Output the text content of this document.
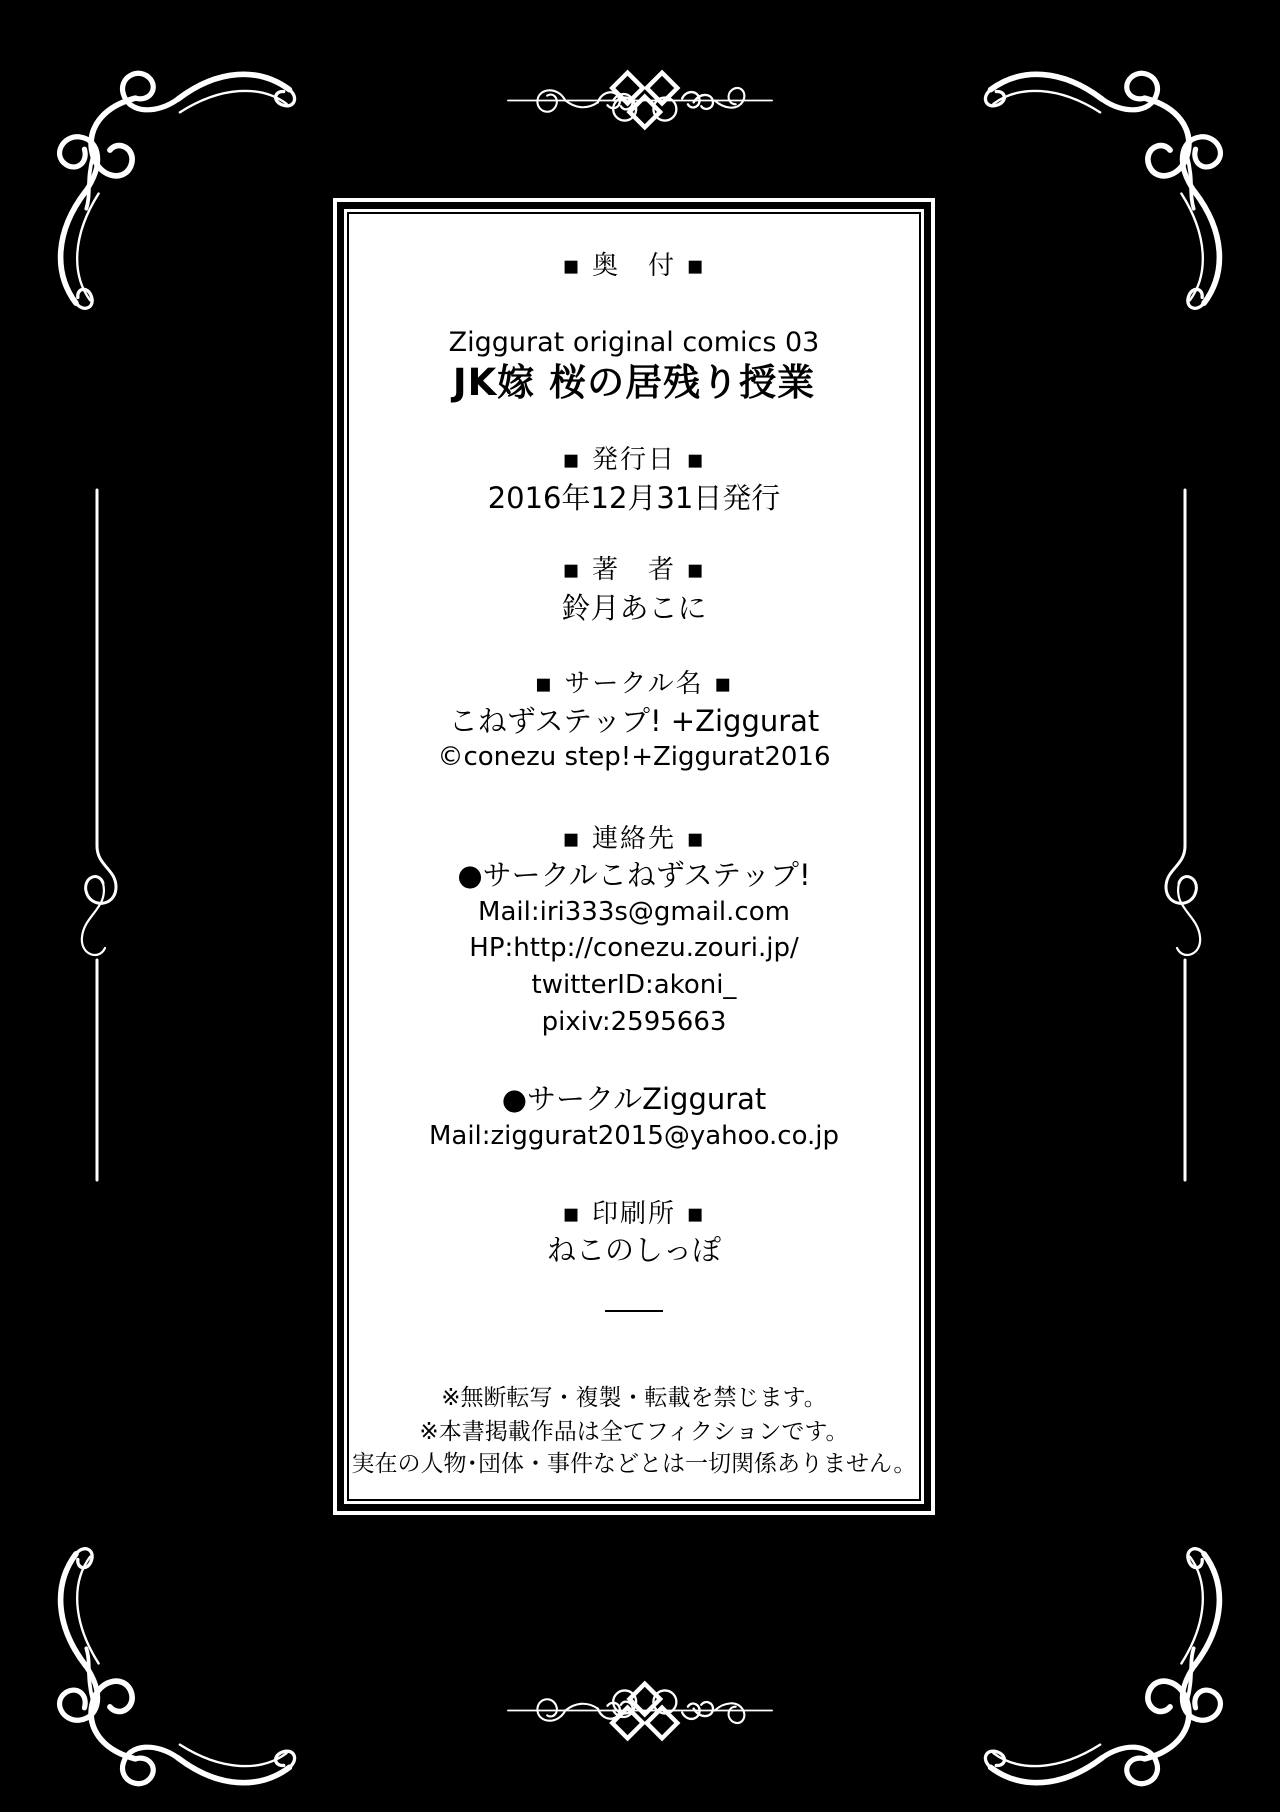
▪ 奥　付 ▪
Ziggurat original comics 03
JK嫁 桜の居残り授業
▪ 発行日 ▪
2016年12月31日発行
▪ 著　者 ▪
鈴月あこに
▪ サークル名 ▪
こねずステップ! +Ziggurat
©conezu step!+Ziggurat2016
▪ 連絡先 ▪
●サークルこねずステップ!
Mail:iri333s@gmail.com
HP:http://conezu.zouri.jp/
twitterID:akoni_
pixiv:2595663
●サークルZiggurat
Mail:ziggurat2015@yahoo.co.jp
▪ 印刷所 ▪
ねこのしっぽ
※無断転写・複製・転載を禁じます。
※本書掲載作品は全てフィクションです。
実在の人物･団体・事件などとは一切関係ありません。
